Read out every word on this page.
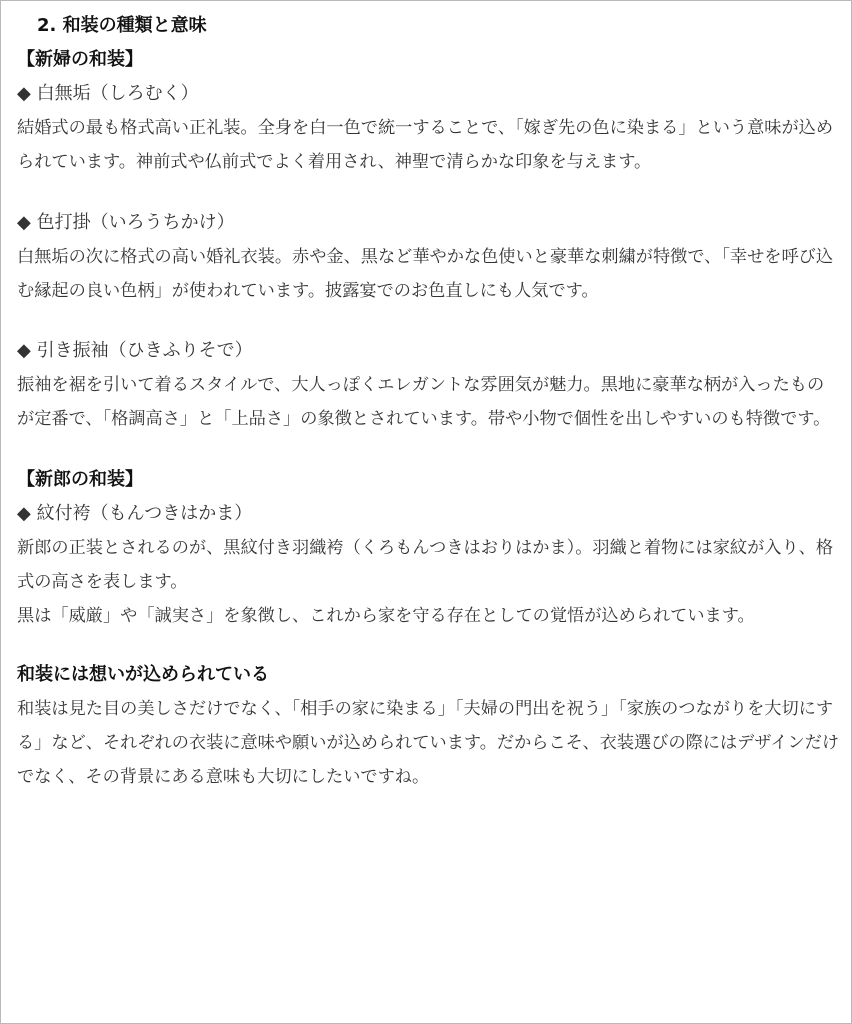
2. 和装の種類と意味
【新婦の和装】
◆ 白無垢（しろむく）

結婚式の最も格式高い正礼装。全身を白一色で統一することで、「嫁ぎ先の色に染まる」という意味が込められています。神前式や仏前式でよく着用され、神聖で清らかな印象を与えます。

◆ 色打掛（いろうちかけ）

白無垢の次に格式の高い婚礼衣装。赤や金、黒など華やかな色使いと豪華な刺繍が特徴で、「幸せを呼び込む縁起の良い色柄」が使われています。披露宴でのお色直しにも人気です。

◆ 引き振袖（ひきふりそで）

振袖を裾を引いて着るスタイルで、大人っぽくエレガントな雰囲気が魅力。黒地に豪華な柄が入ったものが定番で、「格調高さ」と「上品さ」の象徴とされています。帯や小物で個性を出しやすいのも特徴です。

【新郎の和装】
◆ 紋付袴（もんつきはかま）

新郎の正装とされるのが、黒紋付き羽織袴（くろもんつきはおりはかま）。羽織と着物には家紋が入り、格式の高さを表します。

黒は「威厳」や「誠実さ」を象徴し、これから家を守る存在としての覚悟が込められています。

和装には想いが込められている

和装は見た目の美しさだけでなく、「相手の家に染まる」「夫婦の門出を祝う」「家族のつながりを大切にする」など、それぞれの衣装に意味や願いが込められています。だからこそ、衣装選びの際にはデザインだけでなく、その背景にある意味も大切にしたいですね。
